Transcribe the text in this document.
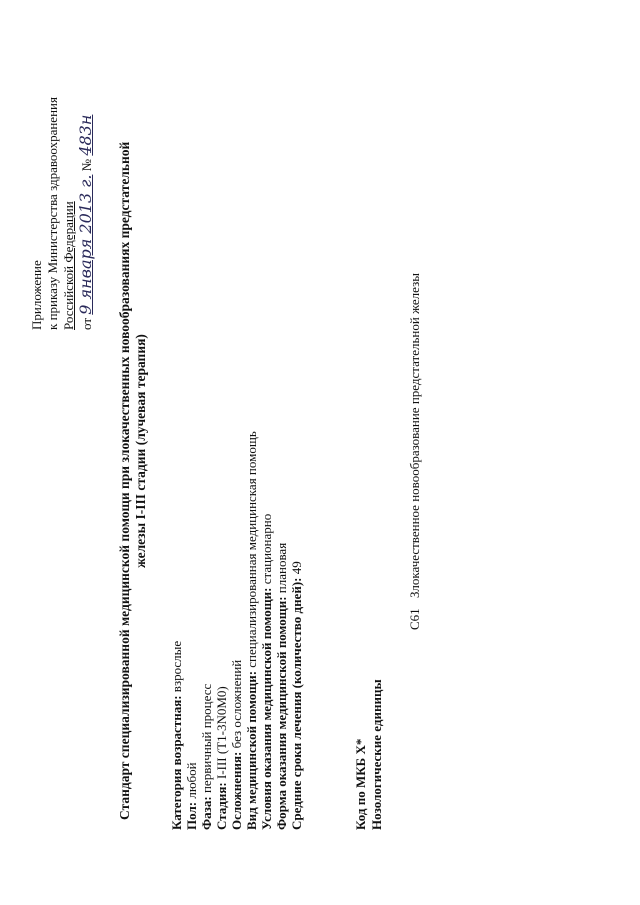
Приложение к приказу Министерства здравоохранения Российской Федерации от 9 января 2013 г. № 483н
Стандарт специализированной медицинской помощи при злокачественных новообразованиях предстательной железы I-III стадии (лучевая терапия)
Категория возрастная: взрослые
Пол: любой
Фаза: первичный процесс
Стадия: I-III (T1-3N0M0)
Осложнения: без осложнений Вид медицинской помощи: специализированная медицинская помощь
Условия оказания медицинской помощи: стационарно
Форма оказания медицинской помощи: плановая
Средние сроки лечения (количество дней): 49
Код по МКБ X* Нозологические единицы
C61
Злокачественное новообразование предстательной железы
